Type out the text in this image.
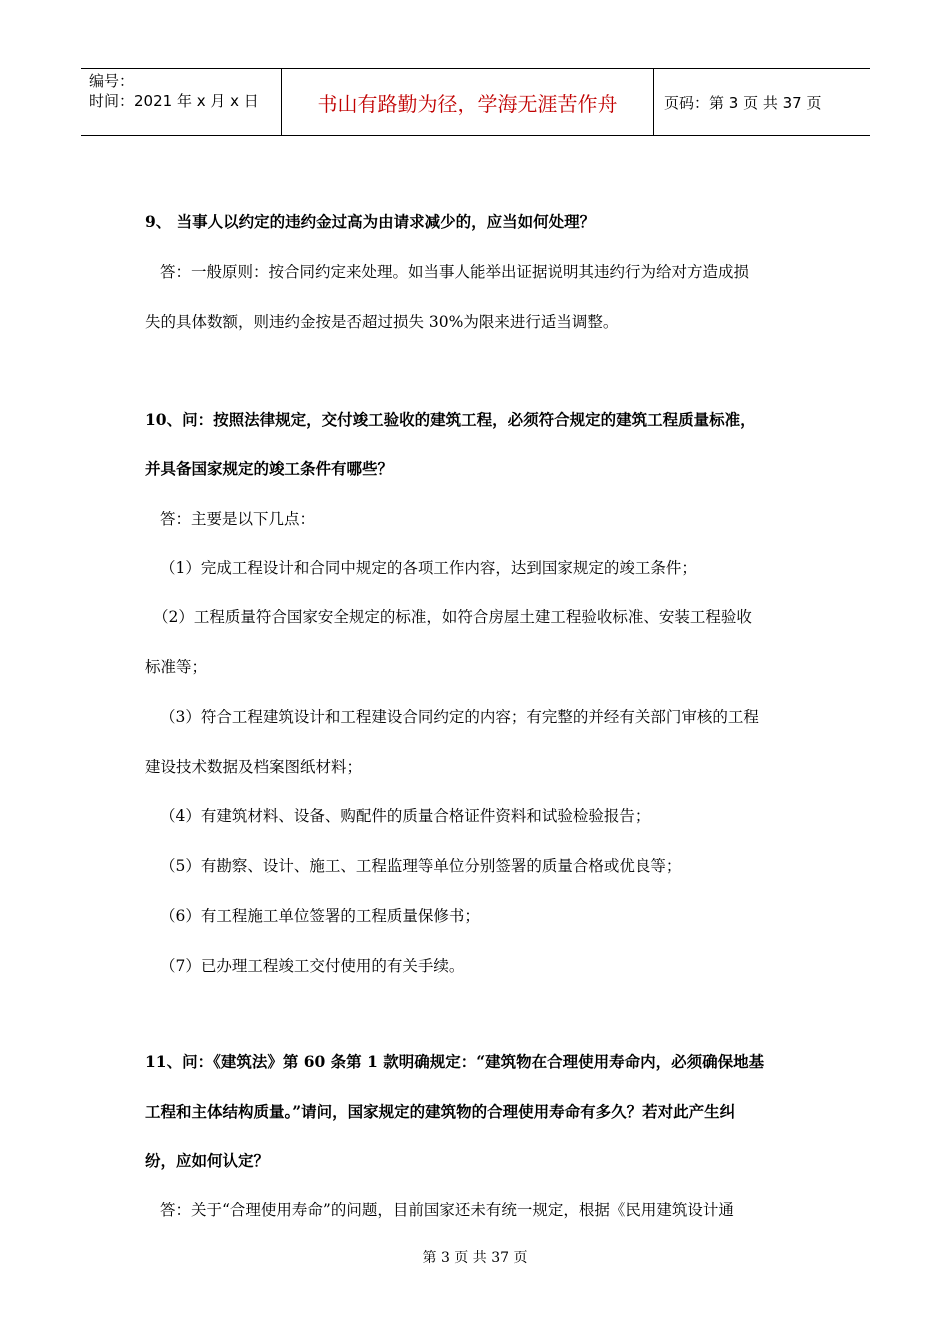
编号：
时间：2021 年 x 月 x 日	书山有路勤为径，学海无涯苦作舟	页码：第 3 页 共 37 页
9、 当事人以约定的违约金过高为由请求减少的，应当如何处理？
答：一般原则：按合同约定来处理。如当事人能举出证据说明其违约行为给对方造成损
失的具体数额，则违约金按是否超过损失 30%为限来进行适当调整。
10、问：按照法律规定，交付竣工验收的建筑工程，必须符合规定的建筑工程质量标准，
并具备国家规定的竣工条件有哪些？
答：主要是以下几点：
（1）完成工程设计和合同中规定的各项工作内容，达到国家规定的竣工条件；
（2）工程质量符合国家安全规定的标准，如符合房屋土建工程验收标准、安装工程验收
标准等；
（3）符合工程建筑设计和工程建设合同约定的内容；有完整的并经有关部门审核的工程
建设技术数据及档案图纸材料；
（4）有建筑材料、设备、购配件的质量合格证件资料和试验检验报告；
（5）有勘察、设计、施工、工程监理等单位分别签署的质量合格或优良等；
（6）有工程施工单位签署的工程质量保修书；
（7）已办理工程竣工交付使用的有关手续。
11、问：《建筑法》第 60 条第 1 款明确规定：“建筑物在合理使用寿命内，必须确保地基
工程和主体结构质量。”请问，国家规定的建筑物的合理使用寿命有多久？若对此产生纠
纷，应如何认定？
答：关于“合理使用寿命”的问题，目前国家还未有统一规定，根据《民用建筑设计通
第 3 页 共 37 页
